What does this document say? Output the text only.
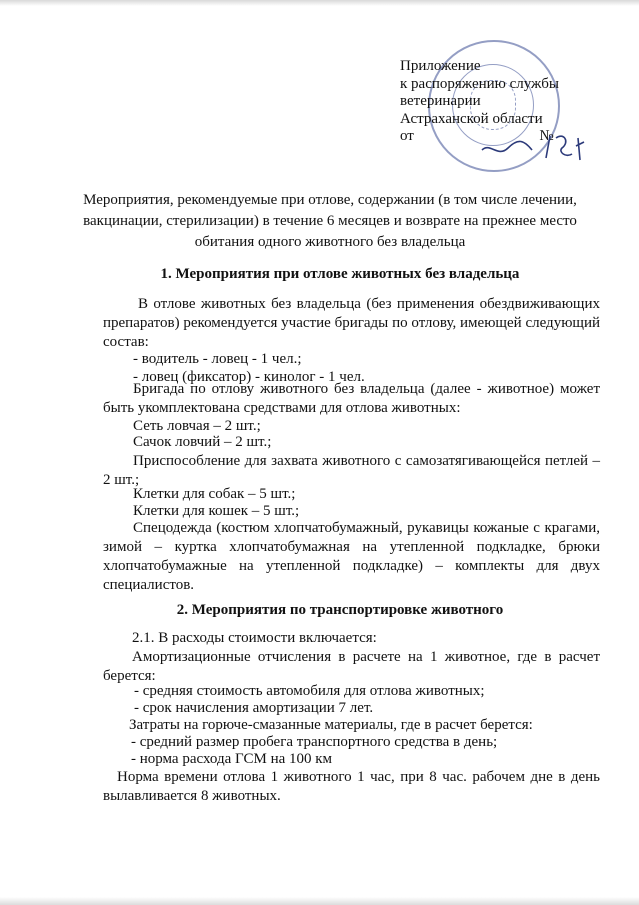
Приложение
к распоряжению службы
ветеринарии
Астраханской области
от	№
Мероприятия, рекомендуемые при отлове, содержании (в том числе лечении,
вакцинации, стерилизации) в течение 6 месяцев и возврате на прежнее место
обитания одного животного без владельца
1. Мероприятия при отлове животных без владельца
В отлове животных без владельца (без применения обездвиживающих препаратов) рекомендуется участие бригады по отлову, имеющей следующий состав:
- водитель - ловец - 1 чел.;
- ловец (фиксатор) - кинолог - 1 чел.
Бригада по отлову животного без владельца (далее - животное) может быть укомплектована средствами для отлова животных:
Сеть ловчая – 2 шт.;
Сачок ловчий – 2 шт.;
Приспособление для захвата животного с самозатягивающейся петлей – 2 шт.;
Клетки для собак – 5 шт.;
Клетки для кошек – 5 шт.;
Спецодежда (костюм хлопчатобумажный, рукавицы кожаные с крагами, зимой – куртка хлопчатобумажная на утепленной подкладке, брюки хлопчатобумажные на утепленной подкладке) – комплекты для двух специалистов.
2. Мероприятия по транспортировке животного
2.1. В расходы стоимости включается:
Амортизационные отчисления в расчете на 1 животное, где в расчет берется:
- средняя стоимость автомобиля для отлова животных;
- срок начисления амортизации 7 лет.
Затраты на горюче-смазанные материалы, где в расчет берется:
- средний размер пробега транспортного средства в день;
- норма расхода ГСМ на 100 км
Норма времени отлова 1 животного 1 час, при 8 час. рабочем дне в день вылавливается 8 животных.
